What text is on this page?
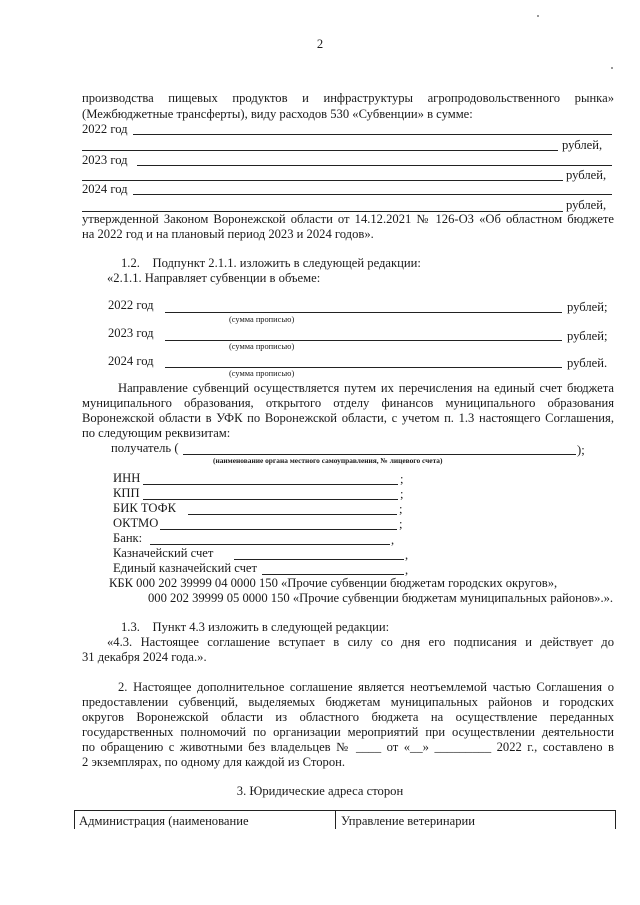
2
производства пищевых продуктов и инфраструктуры агропродовольственного рынка»
(Межбюджетные трансферты), виду расходов 530 «Субвенции» в сумме:
2022 год
рублей,
2023 год
рублей,
2024 год
рублей,
утвержденной Законом Воронежской области от 14.12.2021 № 126-ОЗ «Об областном бюджете
на 2022 год и на плановый период 2023 и 2024 годов».
1.2.    Подпункт 2.1.1. изложить в следующей редакции:
«2.1.1. Направляет субвенции в объеме:
2022 год	рублей;
(сумма прописью)
2023 год	рублей;
(сумма прописью)
2024 год	рублей.
(сумма прописью)
Направление субвенций осуществляется путем их перечисления на единый счет бюджета
муниципального образования, открытого отделу финансов муниципального образования
Воронежской области в УФК по Воронежской области, с учетом п. 1.3 настоящего Соглашения,
по следующим реквизитам:
получатель (	);
(наименование органа местного самоуправления, № лицевого счета)
ИНН	;
КПП	;
БИК ТОФК	;
ОКТМО	;
Банк:	,
Казначейский счет	,
Единый казначейский счет	,
КБК 000 202 39999 04 0000 150 «Прочие субвенции бюджетам городских округов»,
000 202 39999 05 0000 150 «Прочие субвенции бюджетам муниципальных районов».».
1.3.    Пункт 4.3 изложить в следующей редакции:
«4.3. Настоящее соглашение вступает в силу со дня его подписания и действует до
31 декабря 2024 года.».
2. Настоящее дополнительное соглашение является неотъемлемой частью Соглашения о
предоставлении субвенций, выделяемых бюджетам муниципальных районов и городских
округов Воронежской области из областного бюджета на осуществление переданных
государственных полномочий по организации мероприятий при осуществлении деятельности
по обращению с животными без владельцев № ____ от «__» _________ 2022 г., составлено в
2 экземплярах, по одному для каждой из Сторон.
3. Юридические адреса сторон
Администрация (наименование	Управление ветеринарии
